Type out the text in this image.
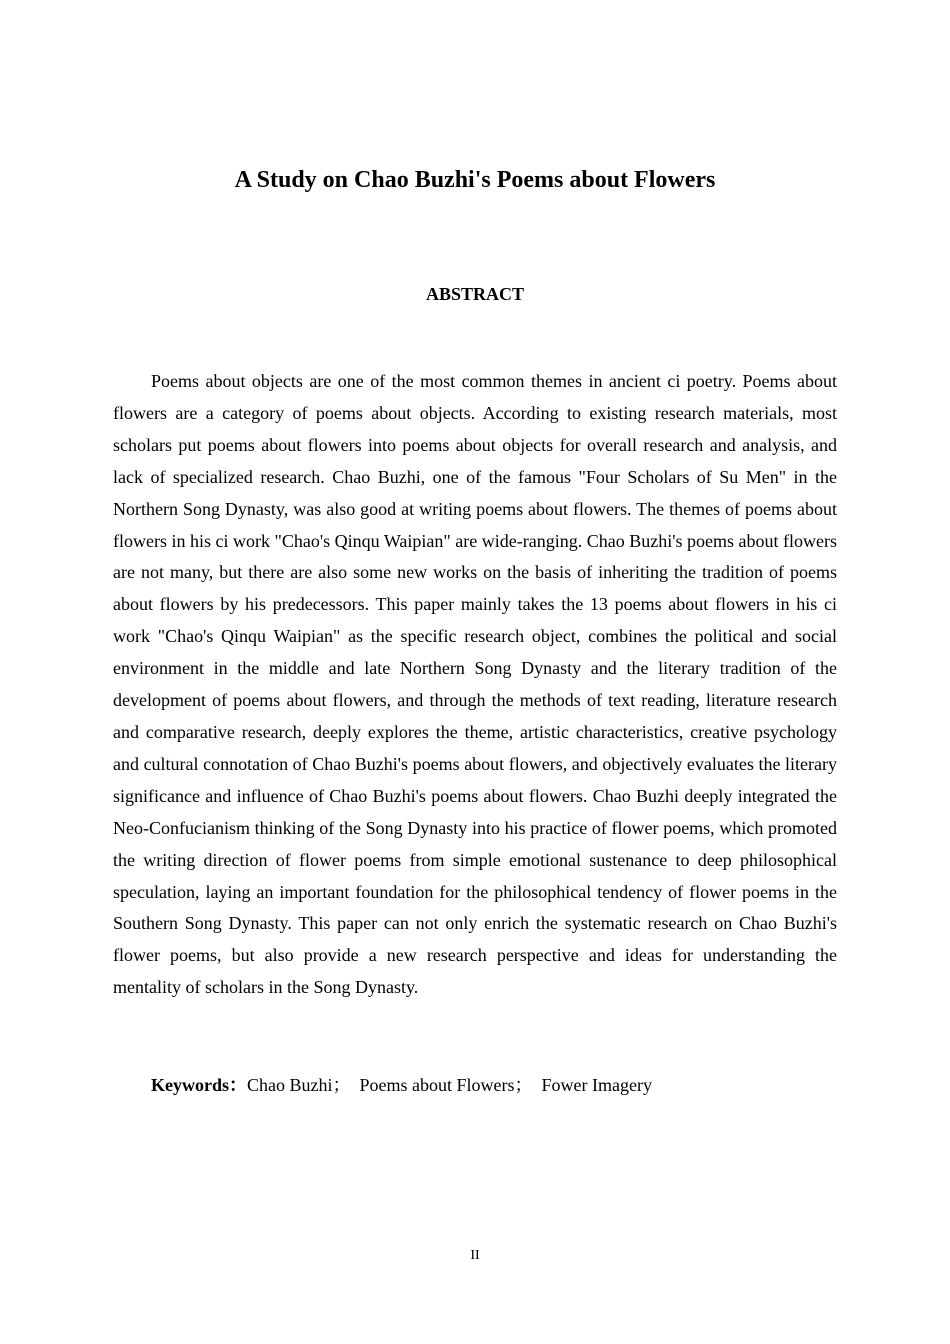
A Study on Chao Buzhi's Poems about Flowers
ABSTRACT

Poems about objects are one of the most common themes in ancient ci poetry. Poems about flowers are a category of poems about objects. According to existing research materials, most scholars put poems about flowers into poems about objects for overall research and analysis, and lack of specialized research. Chao Buzhi, one of the famous "Four Scholars of Su Men" in the Northern Song Dynasty, was also good at writing poems about flowers. The themes of poems about flowers in his ci work "Chao's Qinqu Waipian" are wide-ranging. Chao Buzhi's poems about flowers are not many, but there are also some new works on the basis of inheriting the tradition of poems about flowers by his predecessors. This paper mainly takes the 13 poems about flowers in his ci work "Chao's Qinqu Waipian" as the specific research object, combines the political and social environment in the middle and late Northern Song Dynasty and the literary tradition of the development of poems about flowers, and through the methods of text reading, literature research and comparative research, deeply explores the theme, artistic characteristics, creative psychology and cultural connotation of Chao Buzhi's poems about flowers, and objectively evaluates the literary significance and influence of Chao Buzhi's poems about flowers. Chao Buzhi deeply integrated the Neo-Confucianism thinking of the Song Dynasty into his practice of flower poems, which promoted the writing direction of flower poems from simple emotional sustenance to deep philosophical speculation, laying an important foundation for the philosophical tendency of flower poems in the Southern Song Dynasty. This paper can not only enrich the systematic research on Chao Buzhi's flower poems, but also provide a new research perspective and ideas for understanding the mentality of scholars in the Song Dynasty.

Keywords：Chao Buzhi；  Poems about Flowers；  Fower Imagery
II
